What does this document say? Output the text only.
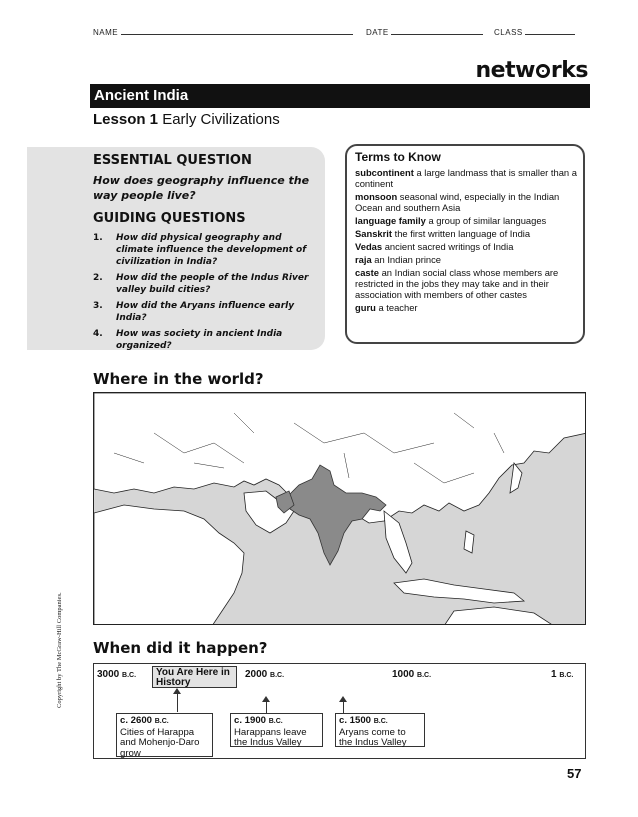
NAME	DATE	CLASS
netw rks
Ancient India
Lesson 1 Early Civilizations
ESSENTIAL QUESTION
How does geography influence the way people live?
GUIDING QUESTIONS
1. How did physical geography and climate influence the development of civilization in India?
2. How did the people of the Indus River valley build cities?
3. How did the Aryans influence early India?
4. How was society in ancient India organized?
Terms to Know
subcontinent a large landmass that is smaller than a continent
monsoon seasonal wind, especially in the Indian Ocean and southern Asia
language family a group of similar languages
Sanskrit the first written language of India
Vedas ancient sacred writings of India
raja an Indian prince
caste an Indian social class whose members are restricted in the jobs they may take and in their association with members of other castes
guru a teacher
Where in the world?
Copyright by The McGraw-Hill Companies. When did it happen?
3000 B.C.	You Are Here in History
2000 B.C.	1000 B.C.	1 B.C.
c. 2600 B.C.
Cities of Harappa and Mohenjo-Daro grow
c. 1900 B.C.
Harappans leave the Indus Valley
c. 1500 B.C.
Aryans come to the Indus Valley
57
